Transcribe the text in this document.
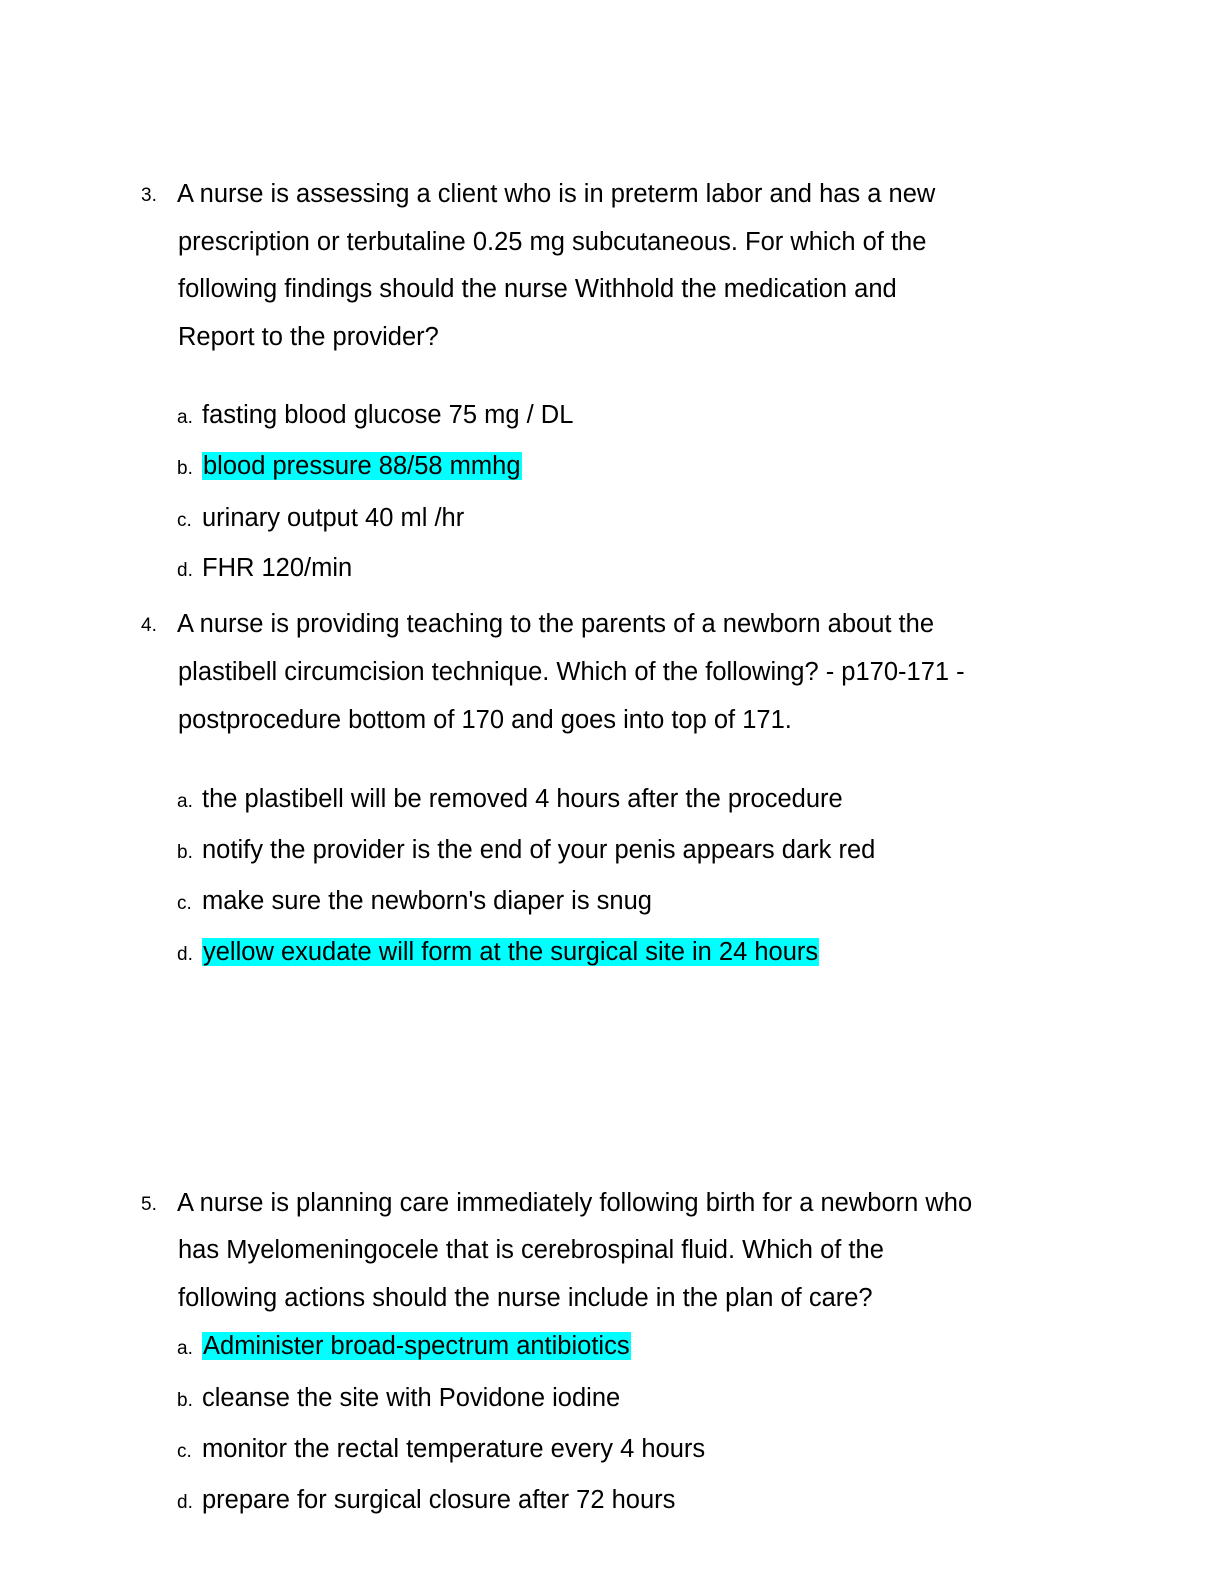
3. A nurse is assessing a client who is in preterm labor and has a new
prescription or terbutaline 0.25 mg subcutaneous. For which of the
following findings should the nurse Withhold the medication and
Report to the provider?
a. fasting blood glucose 75 mg / DL
b. blood pressure 88/58 mmhg
c. urinary output 40 ml /hr
d. FHR 120/min
4. A nurse is providing teaching to the parents of a newborn about the
plastibell circumcision technique. Which of the following? - p170-171 -
postprocedure bottom of 170 and goes into top of 171.
a. the plastibell will be removed 4 hours after the procedure
b. notify the provider is the end of your penis appears dark red
c. make sure the newborn's diaper is snug
d. yellow exudate will form at the surgical site in 24 hours
5. A nurse is planning care immediately following birth for a newborn who
has Myelomeningocele that is cerebrospinal fluid. Which of the
following actions should the nurse include in the plan of care?
a. Administer broad-spectrum antibiotics
b. cleanse the site with Povidone iodine
c. monitor the rectal temperature every 4 hours
d. prepare for surgical closure after 72 hours
